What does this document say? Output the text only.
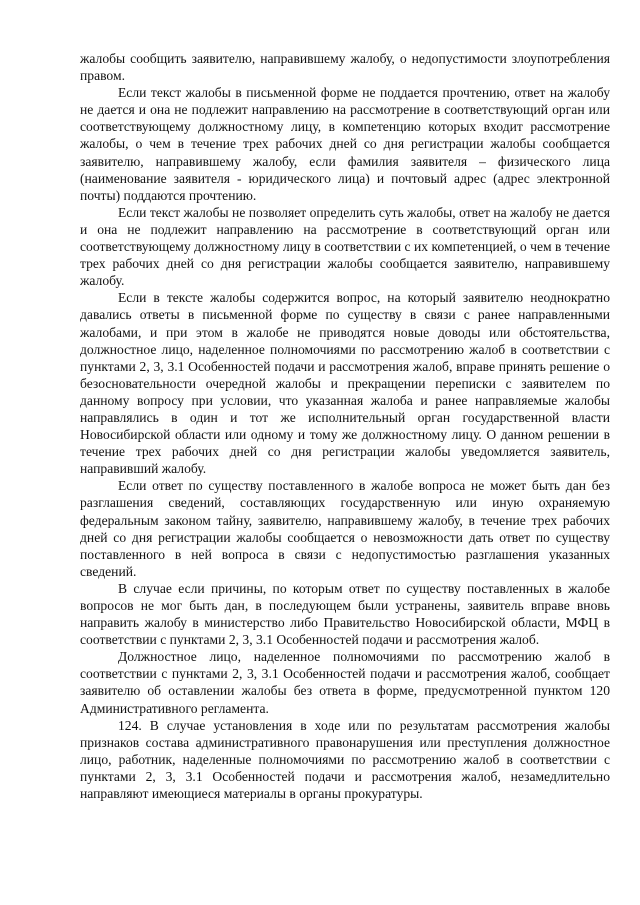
жалобы сообщить заявителю, направившему жалобу, о недопустимости злоупотребления правом.

Если текст жалобы в письменной форме не поддается прочтению, ответ на жалобу не дается и она не подлежит направлению на рассмотрение в соответствующий орган или соответствующему должностному лицу, в компетенцию которых входит рассмотрение жалобы, о чем в течение трех рабочих дней со дня регистрации жалобы сообщается заявителю, направившему жалобу, если фамилия заявителя – физического лица (наименование заявителя - юридического лица) и почтовый адрес (адрес электронной почты) поддаются прочтению.

Если текст жалобы не позволяет определить суть жалобы, ответ на жалобу не дается и она не подлежит направлению на рассмотрение в соответствующий орган или соответствующему должностному лицу в соответствии с их компетенцией, о чем в течение трех рабочих дней со дня регистрации жалобы сообщается заявителю, направившему жалобу.

Если в тексте жалобы содержится вопрос, на который заявителю неоднократно давались ответы в письменной форме по существу в связи с ранее направленными жалобами, и при этом в жалобе не приводятся новые доводы или обстоятельства, должностное лицо, наделенное полномочиями по рассмотрению жалоб в соответствии с пунктами 2, 3, 3.1 Особенностей подачи и рассмотрения жалоб, вправе принять решение о безосновательности очередной жалобы и прекращении переписки с заявителем по данному вопросу при условии, что указанная жалоба и ранее направляемые жалобы направлялись в один и тот же исполнительный орган государственной власти Новосибирской области или одному и тому же должностному лицу. О данном решении в течение трех рабочих дней со дня регистрации жалобы уведомляется заявитель, направивший жалобу.

Если ответ по существу поставленного в жалобе вопроса не может быть дан без разглашения сведений, составляющих государственную или иную охраняемую федеральным законом тайну, заявителю, направившему жалобу, в течение трех рабочих дней со дня регистрации жалобы сообщается о невозможности дать ответ по существу поставленного в ней вопроса в связи с недопустимостью разглашения указанных сведений.

В случае если причины, по которым ответ по существу поставленных в жалобе вопросов не мог быть дан, в последующем были устранены, заявитель вправе вновь направить жалобу в министерство либо Правительство Новосибирской области, МФЦ в соответствии с пунктами 2, 3, 3.1 Особенностей подачи и рассмотрения жалоб.

Должностное лицо, наделенное полномочиями по рассмотрению жалоб в соответствии с пунктами 2, 3, 3.1 Особенностей подачи и рассмотрения жалоб, сообщает заявителю об оставлении жалобы без ответа в форме, предусмотренной пунктом 120 Административного регламента.

124. В случае установления в ходе или по результатам рассмотрения жалобы признаков состава административного правонарушения или преступления должностное лицо, работник, наделенные полномочиями по рассмотрению жалоб в соответствии с пунктами 2, 3, 3.1 Особенностей подачи и рассмотрения жалоб, незамедлительно направляют имеющиеся материалы в органы прокуратуры.
